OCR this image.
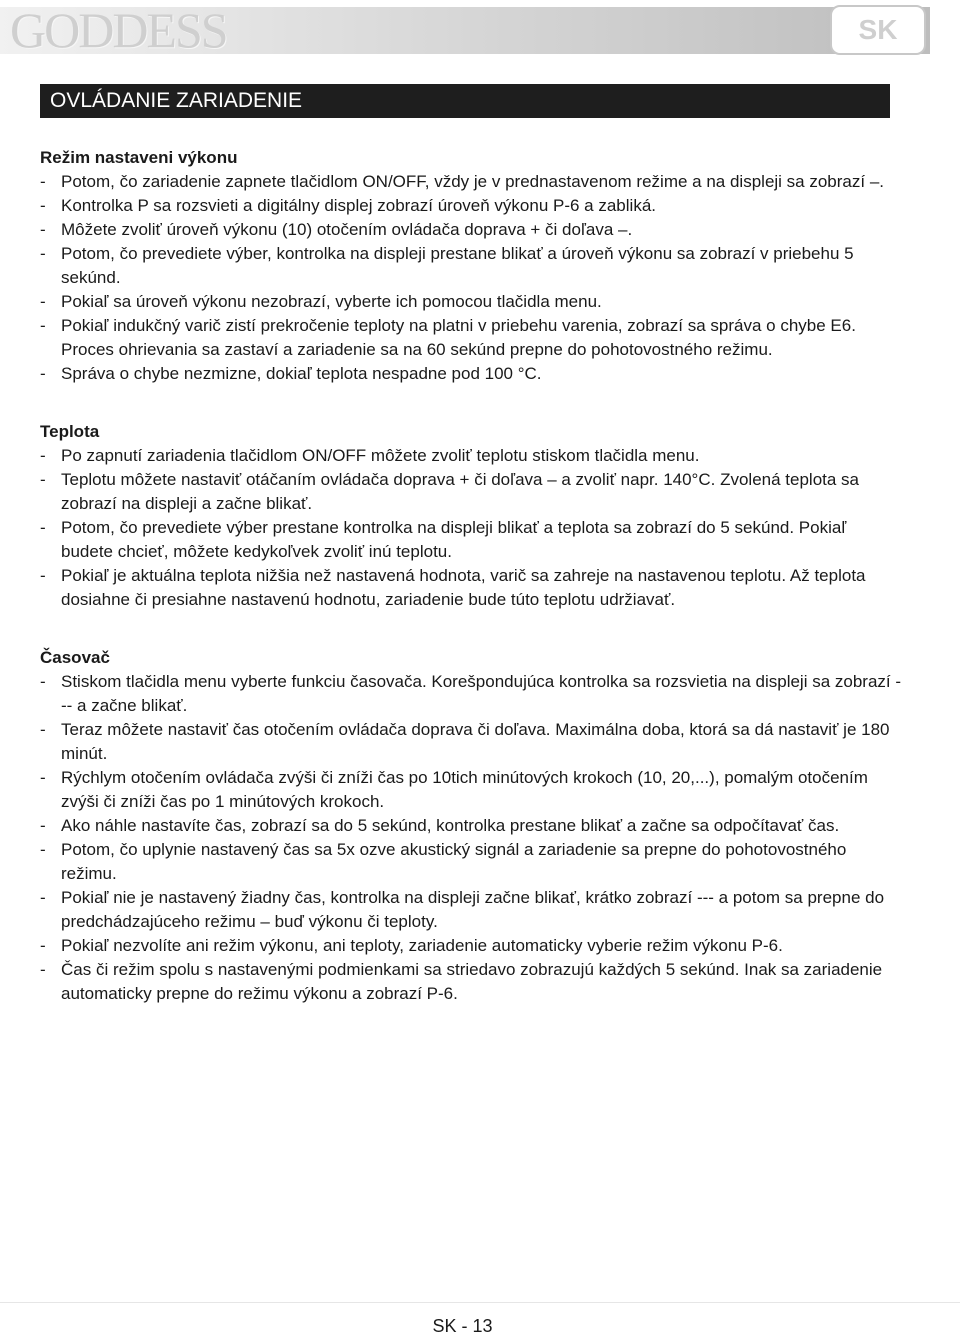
GODDESS	SK
OVLÁDANIE ZARIADENIE

Režim nastaveni výkonu

- Potom, čo zariadenie zapnete tlačidlom ON/OFF, vždy je v prednastavenom režime a na displeji sa zobrazí –.
- Kontrolka P sa rozsvieti a digitálny displej zobrazí úroveň výkonu P-6 a zabliká.
- Môžete zvoliť úroveň výkonu (10) otočením ovládača doprava + či doľava –.
- Potom, čo prevediete výber, kontrolka na displeji prestane blikať a úroveň výkonu sa zobrazí v priebehu 5 sekúnd.
- Pokiaľ sa úroveň výkonu nezobrazí, vyberte ich pomocou tlačidla menu.
- Pokiaľ indukčný varič zistí prekročenie teploty na platni v priebehu varenia, zobrazí sa správa o chybe E6. Proces ohrievania sa zastaví a zariadenie sa na 60 sekúnd prepne do pohotovostného režimu.
- Správa o chybe nezmizne, dokiaľ teplota nespadne pod 100 °C.

Teplota

- Po zapnutí zariadenia tlačidlom ON/OFF môžete zvoliť teplotu stiskom tlačidla menu.
- Teplotu môžete nastaviť otáčaním ovládača doprava + či doľava – a zvoliť napr. 140°C. Zvolená teplota sa zobrazí na displeji a začne blikať.
- Potom, čo prevediete výber prestane kontrolka na displeji blikať a teplota sa zobrazí do 5 sekúnd. Pokiaľ budete chcieť, môžete kedykoľvek zvoliť inú teplotu.
- Pokiaľ je aktuálna teplota nižšia než nastavená hodnota, varič sa zahreje na nastavenou teplotu. Až teplota dosiahne či presiahne nastavenú hodnotu, zariadenie bude túto teplotu udržiavať.

Časovač

- Stiskom tlačidla menu vyberte funkciu časovača. Korešpondujúca kontrolka sa rozsvietia na displeji sa zobrazí --- a začne blikať.
- Teraz môžete nastaviť čas otočením ovládača doprava či doľava. Maximálna doba, ktorá sa dá nastaviť je 180 minút.
- Rýchlym otočením ovládača zvýši či zníži čas po 10tich minútových krokoch (10, 20,...), pomalým otočením zvýši či zníži čas po 1 minútových krokoch.
- Ako náhle nastavíte čas, zobrazí sa do 5 sekúnd, kontrolka prestane blikať a začne sa odpočítavať čas.
- Potom, čo uplynie nastavený čas sa 5x ozve akustický signál a zariadenie sa prepne do pohotovostného režimu.
- Pokiaľ nie je nastavený žiadny čas, kontrolka na displeji začne blikať, krátko zobrazí --- a potom sa prepne do predchádzajúceho režimu – buď výkonu či teploty.
- Pokiaľ nezvolíte ani režim výkonu, ani teploty, zariadenie automaticky vyberie režim výkonu P-6.
- Čas či režim spolu s nastavenými podmienkami sa striedavo zobrazujú každých 5 sekúnd. Inak sa zariadenie automaticky prepne do režimu výkonu a zobrazí P-6.
SK - 13
